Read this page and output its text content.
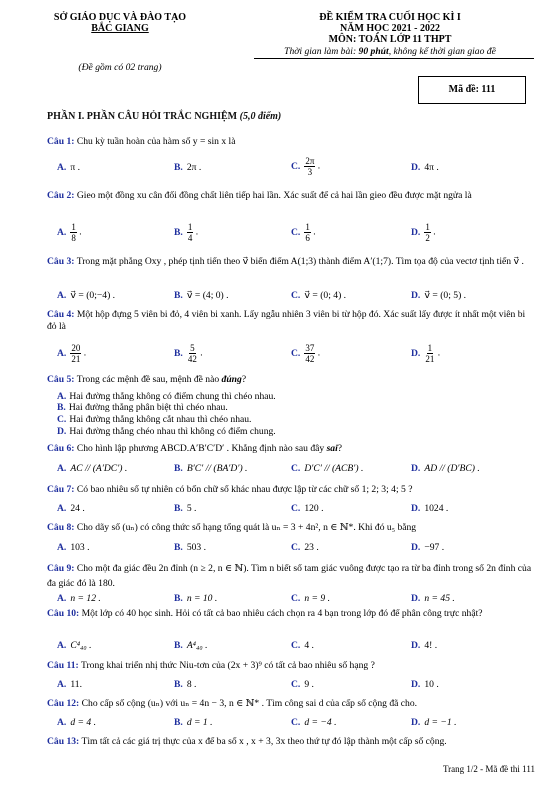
SỞ GIÁO DỤC VÀ ĐÀO TẠO
BẮC GIANG
(Đề gồm có 02 trang)
ĐỀ KIỂM TRA CUỐI HỌC KÌ I
NĂM HỌC 2021 - 2022
MÔN: TOÁN LỚP 11 THPT
Thời gian làm bài: 90 phút, không kể thời gian giao đề
Mã đề: 111
PHẦN I. PHẦN CÂU HỎI TRẮC NGHIỆM (5,0 điểm)
Câu 1: Chu kỳ tuần hoàn của hàm số y = sin x là
A. π .	B. 2π .	C. $\frac{2\pi}{3}$ .	D. 4π .
Câu 2: Gieo một đồng xu cân đối đồng chất liên tiếp hai lần. Xác suất để cả hai lần gieo đều được mặt ngửa là
A. $\frac{1}{8}$ .	B. $\frac{1}{4}$ .	C. $\frac{1}{6}$ .	D. $\frac{1}{2}$ .
Câu 3: Trong mặt phẳng Oxy , phép tịnh tiến theo v⃗ biến điểm A(1;3) thành điểm A′(1;7). Tìm tọa độ của vectơ tịnh tiến v⃗ .
A. v⃗ = (0;−4) .	B. v⃗ = (4; 0) .	C. v⃗ = (0; 4) .	D. v⃗ = (0; 5) .
Câu 4: Một hộp đựng 5 viên bi đỏ, 4 viên bi xanh. Lấy ngẫu nhiên 3 viên bi từ hộp đó. Xác suất lấy được ít nhất một viên bi đỏ là
A. $\frac{20}{21}$ .	B. $\frac{5}{42}$ .	C. $\frac{37}{42}$ .	D. $\frac{1}{21}$ .
Câu 5: Trong các mệnh đề sau, mệnh đề nào đúng?
A. Hai đường thẳng không có điểm chung thì chéo nhau.
B. Hai đường thẳng phân biệt thì chéo nhau.
C. Hai đường thẳng không cắt nhau thì chéo nhau.
D. Hai đường thẳng chéo nhau thì không có điểm chung.
Câu 6: Cho hình lập phương ABCD.A′B′C′D′ . Khẳng định nào sau đây sai?
A. AC // (A′DC′) .	B. B′C′ // (BA′D′) .	C. D′C′ // (ACB′) .	D. AD // (D′BC) .
Câu 7: Có bao nhiêu số tự nhiên có bốn chữ số khác nhau được lập từ các chữ số 1; 2; 3; 4; 5 ?
A. 24 .	B. 5 .	C. 120 .	D. 1024 .
Câu 8: Cho dãy số (uₙ) có công thức số hạng tổng quát là uₙ = 3 + 4n², n ∈ ℕ*. Khi đó u₅ bằng
A. 103 .	B. 503 .	C. 23 .	D. −97 .
Câu 9: Cho một đa giác đều 2n đỉnh (n ≥ 2, n ∈ ℕ). Tìm n biết số tam giác vuông được tạo ra từ ba đỉnh trong số 2n đỉnh của đa giác đó là 180.
A. n = 12 .	B. n = 10 .	C. n = 9 .	D. n = 45 .
Câu 10: Một lớp có 40 học sinh. Hỏi có tất cả bao nhiêu cách chọn ra 4 bạn trong lớp đó để phân công trực nhật?
A. C⁴₄₀ .	B. A⁴₄₀ .	C. 4 .	D. 4! .
Câu 11: Trong khai triển nhị thức Niu-tơn của (2x + 3)⁹ có tất cả bao nhiêu số hạng ?
A. 11.	B. 8 .	C. 9 .	D. 10 .
Câu 12: Cho cấp số cộng (uₙ) với uₙ = 4n − 3, n ∈ ℕ* . Tìm công sai d của cấp số cộng đã cho.
A. d = 4 .	B. d = 1 .	C. d = −4 .	D. d = −1 .
Câu 13: Tìm tất cả các giá trị thực của x để ba số x , x + 3, 3x theo thứ tự đó lập thành một cấp số cộng.
Trang 1/2 - Mã đề thi 111
